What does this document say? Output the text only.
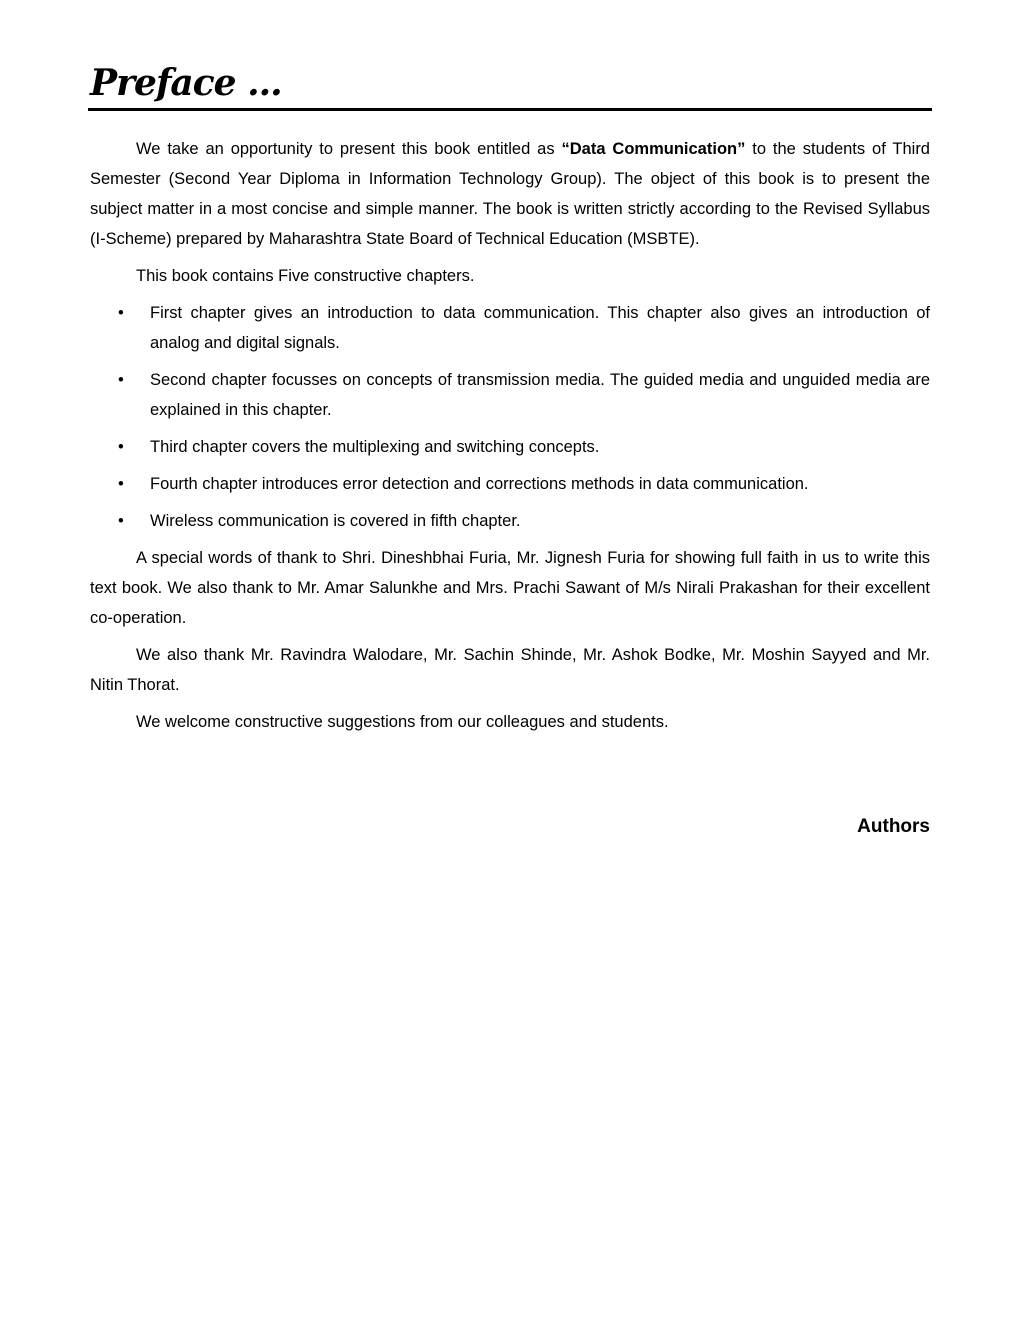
Preface ...

We take an opportunity to present this book entitled as “Data Communication” to the students of Third Semester (Second Year Diploma in Information Technology Group). The object of this book is to present the subject matter in a most concise and simple manner. The book is written strictly according to the Revised Syllabus (I-Scheme) prepared by Maharashtra State Board of Technical Education (MSBTE).

This book contains Five constructive chapters.

• First chapter gives an introduction to data communication. This chapter also gives an introduction of analog and digital signals.
• Second chapter focusses on concepts of transmission media. The guided media and unguided media are explained in this chapter.
• Third chapter covers the multiplexing and switching concepts.
• Fourth chapter introduces error detection and corrections methods in data communication.
• Wireless communication is covered in fifth chapter.

A special words of thank to Shri. Dineshbhai Furia, Mr. Jignesh Furia for showing full faith in us to write this text book. We also thank to Mr. Amar Salunkhe and Mrs. Prachi Sawant of M/s Nirali Prakashan for their excellent co-operation.

We also thank Mr. Ravindra Walodare, Mr. Sachin Shinde, Mr. Ashok Bodke, Mr. Moshin Sayyed and Mr. Nitin Thorat.

We welcome constructive suggestions from our colleagues and students.

Authors
